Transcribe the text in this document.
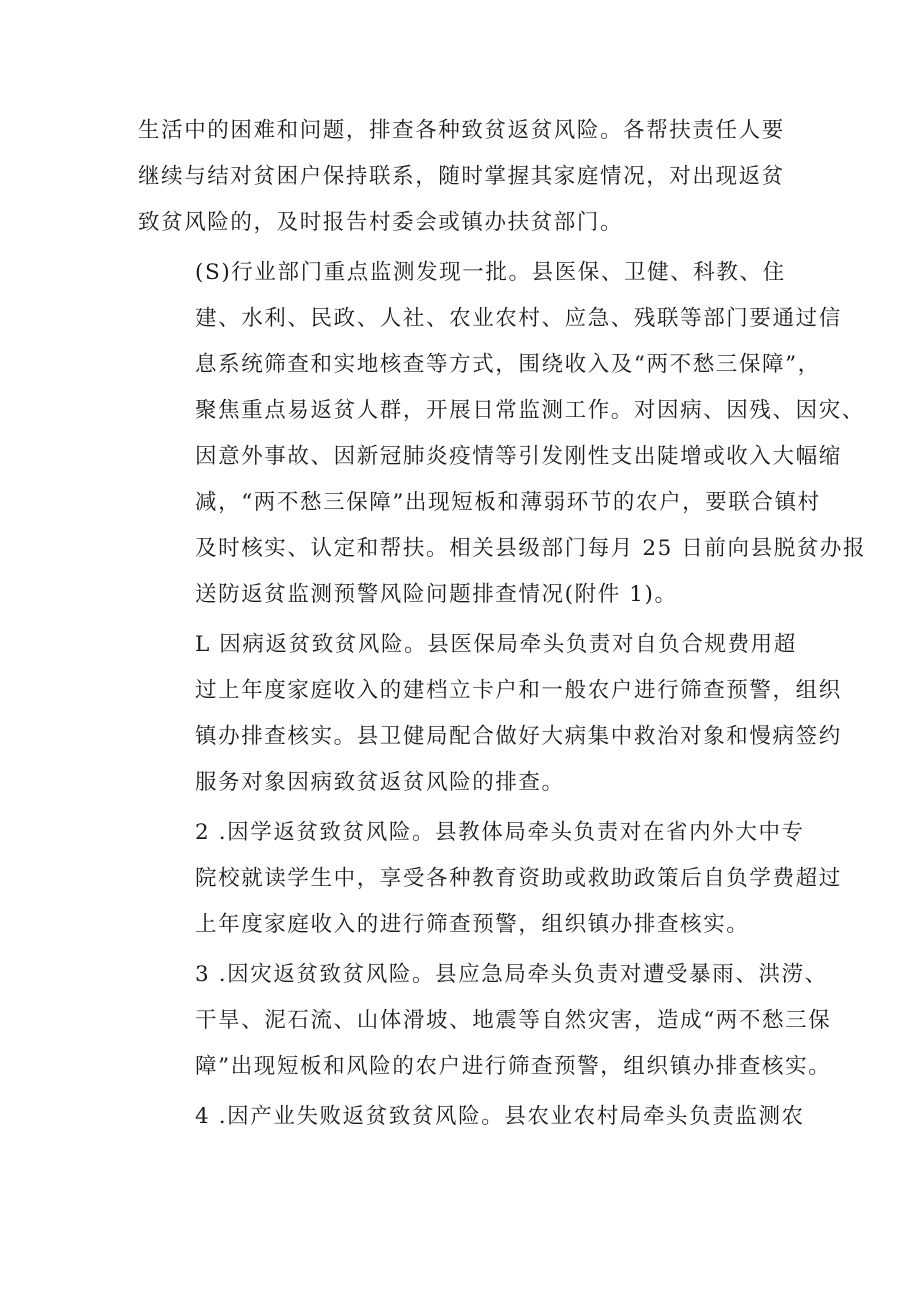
生活中的困难和问题，排查各种致贫返贫风险。各帮扶责任人要
继续与结对贫困户保持联系，随时掌握其家庭情况，对出现返贫
致贫风险的，及时报告村委会或镇办扶贫部门。

(S)行业部门重点监测发现一批。县医保、卫健、科教、住
建、水利、民政、人社、农业农村、应急、残联等部门要通过信
息系统筛查和实地核查等方式，围绕收入及“两不愁三保障”，
聚焦重点易返贫人群，开展日常监测工作。对因病、因残、因灾、
因意外事故、因新冠肺炎疫情等引发刚性支出陡增或收入大幅缩
减，“两不愁三保障”出现短板和薄弱环节的农户，要联合镇村
及时核实、认定和帮扶。相关县级部门每月 25 日前向县脱贫办报
送防返贫监测预警风险问题排查情况(附件 1)。

L 因病返贫致贫风险。县医保局牵头负责对自负合规费用超
过上年度家庭收入的建档立卡户和一般农户进行筛查预警，组织
镇办排查核实。县卫健局配合做好大病集中救治对象和慢病签约
服务对象因病致贫返贫风险的排查。

2 .因学返贫致贫风险。县教体局牵头负责对在省内外大中专
院校就读学生中，享受各种教育资助或救助政策后自负学费超过
上年度家庭收入的进行筛查预警，组织镇办排查核实。

3 .因灾返贫致贫风险。县应急局牵头负责对遭受暴雨、洪涝、
干旱、泥石流、山体滑坡、地震等自然灾害，造成“两不愁三保
障”出现短板和风险的农户进行筛查预警，组织镇办排查核实。

4 .因产业失败返贫致贫风险。县农业农村局牵头负责监测农
